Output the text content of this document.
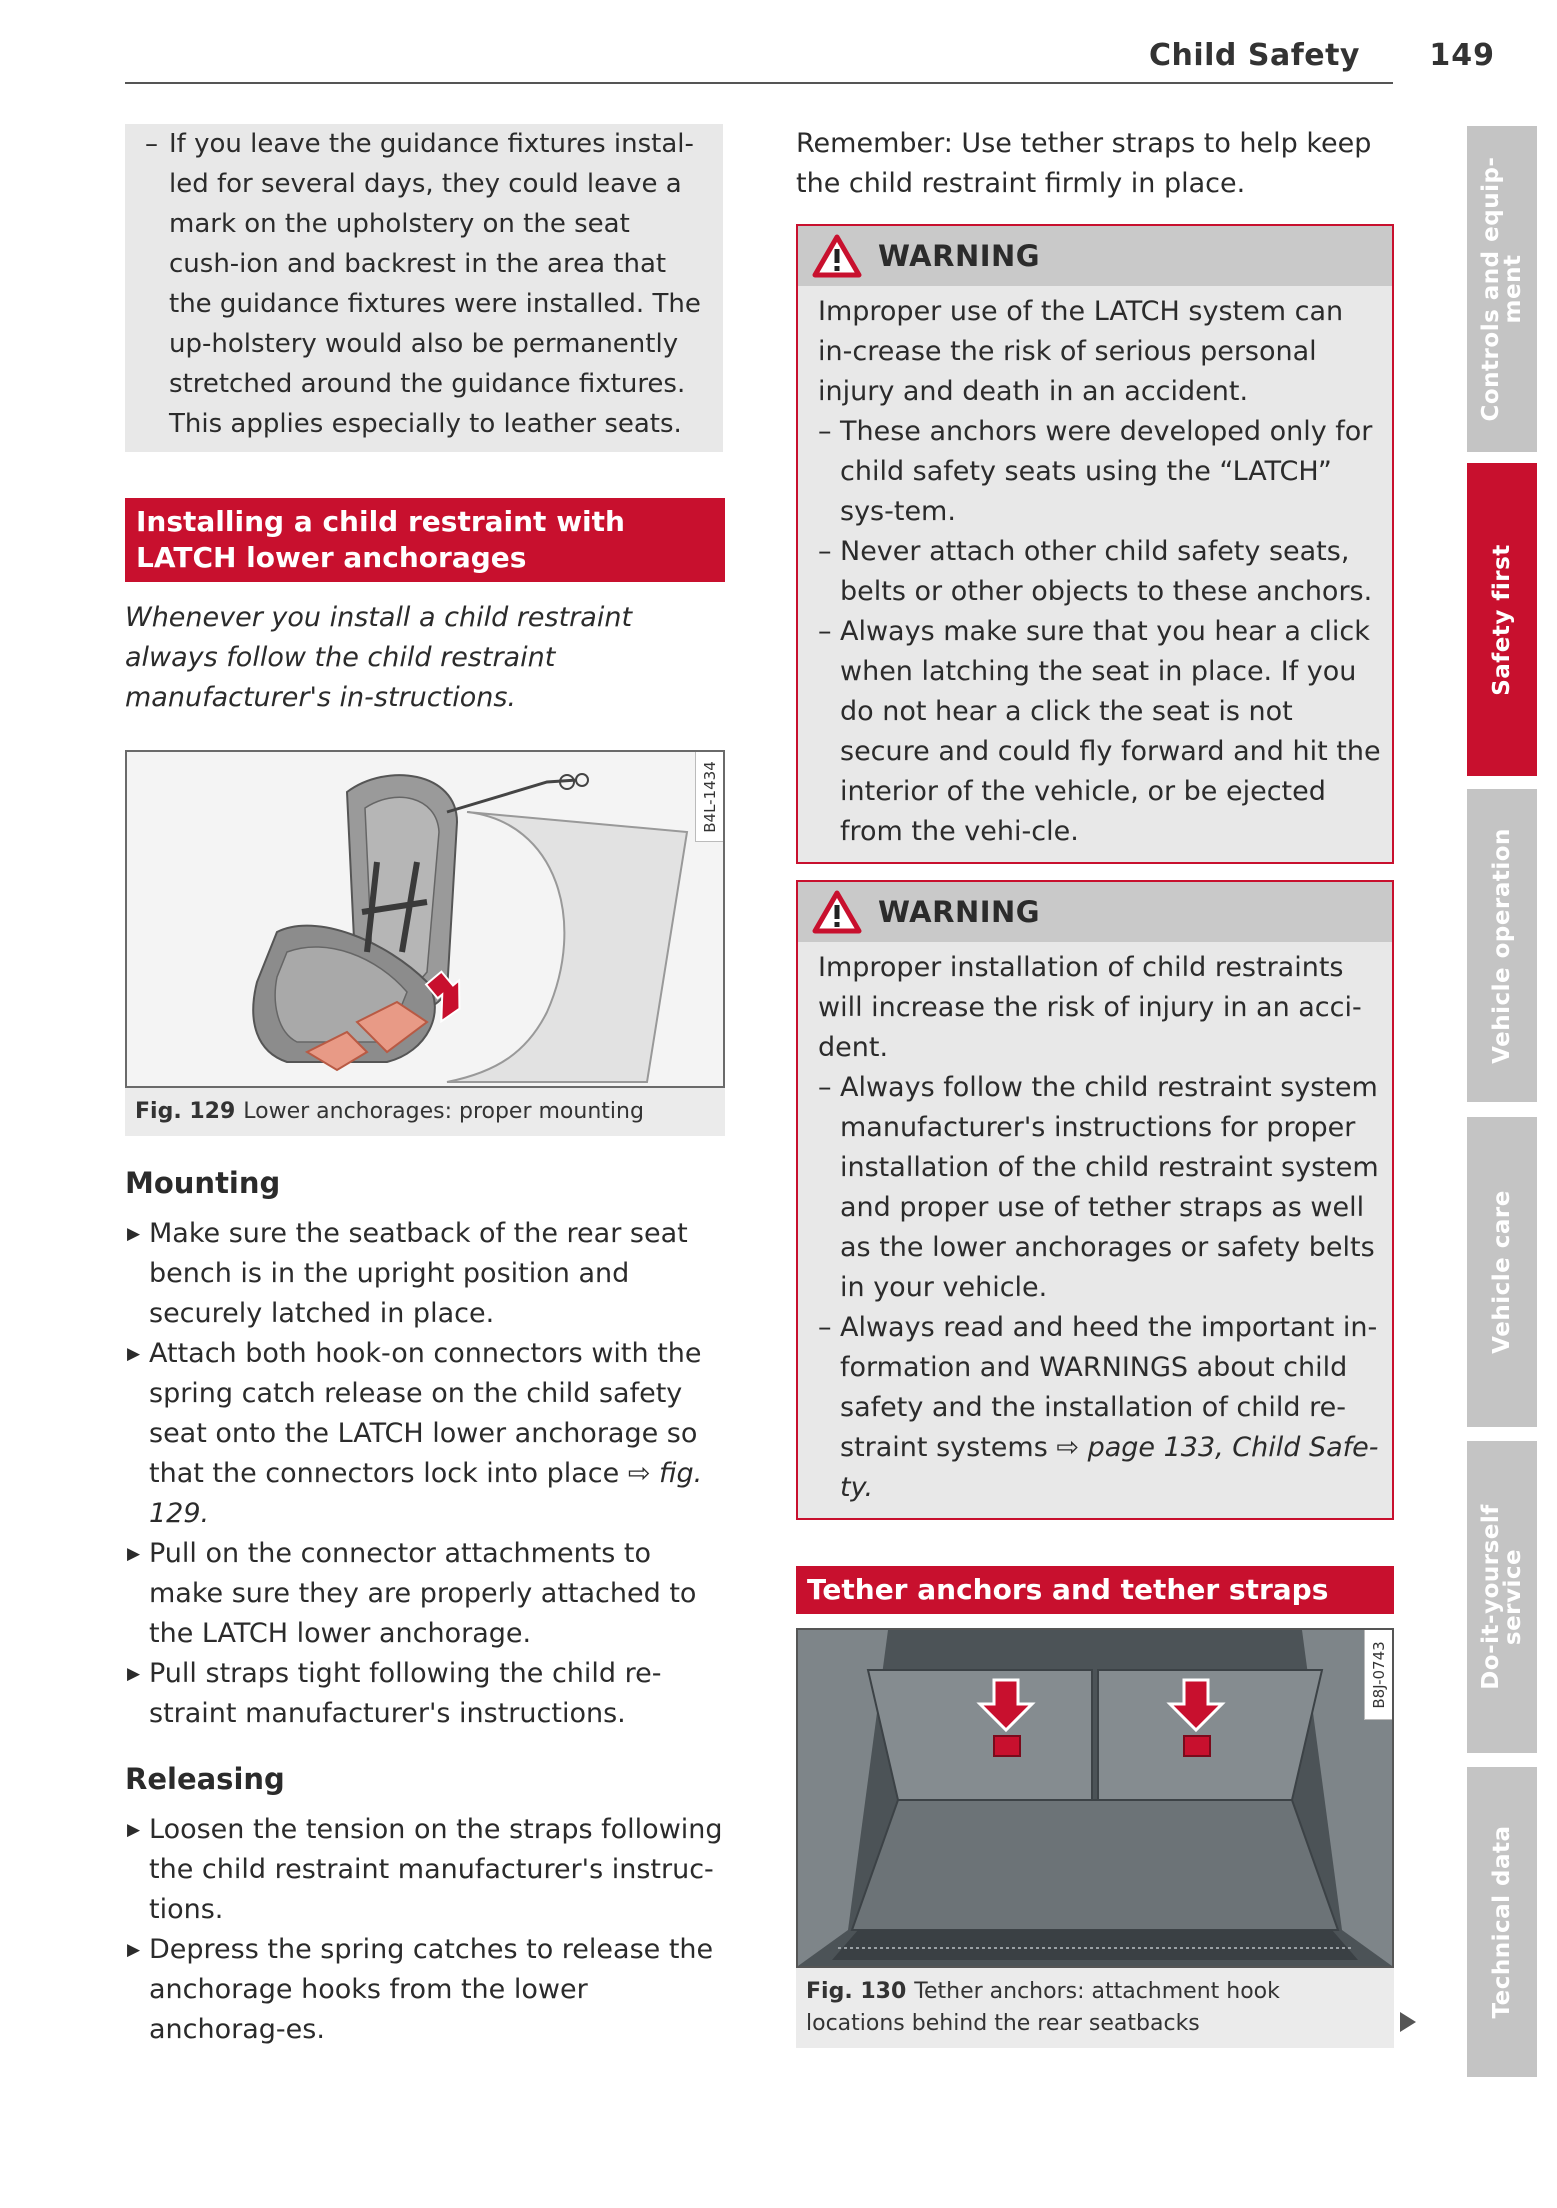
Child Safety 149
– If you leave the guidance fixtures instal-led for several days, they could leave a mark on the upholstery on the seat cush-ion and backrest in the area that the guidance fixtures were installed. The up-holstery would also be permanently stretched around the guidance fixtures. This applies especially to leather seats.
Installing a child restraint with LATCH lower anchorages
Whenever you install a child restraint always follow the child restraint manufacturer's in-structions.
B4L-1434
Fig. 129 Lower anchorages: proper mounting
Mounting
▶ Make sure the seatback of the rear seat bench is in the upright position and securely latched in place.
▶ Attach both hook-on connectors with the spring catch release on the child safety seat onto the LATCH lower anchorage so that the connectors lock into place ⇨ fig. 129.
▶ Pull on the connector attachments to make sure they are properly attached to the LATCH lower anchorage.
▶ Pull straps tight following the child re-straint manufacturer's instructions.
Releasing
▶ Loosen the tension on the straps following the child restraint manufacturer's instruc-tions.
▶ Depress the spring catches to release the anchorage hooks from the lower anchorag-es.

Remember: Use tether straps to help keep the child restraint firmly in place.

WARNING

Improper use of the LATCH system can in-crease the risk of serious personal injury and death in an accident.

– These anchors were developed only for child safety seats using the “LATCH” sys-tem.
– Never attach other child safety seats, belts or other objects to these anchors.
– Always make sure that you hear a click when latching the seat in place. If you do not hear a click the seat is not secure and could fly forward and hit the interior of the vehicle, or be ejected from the vehi-cle.
WARNING

Improper installation of child restraints will increase the risk of injury in an acci-dent.

– Always follow the child restraint system manufacturer's instructions for proper installation of the child restraint system and proper use of tether straps as well as the lower anchorages or safety belts in your vehicle.
– Always read and heed the important in-formation and WARNINGS about child safety and the installation of child re-straint systems ⇨ page 133, Child Safe-ty.
Tether anchors and tether straps
B8J-0743
Fig. 130 Tether anchors: attachment hook locations behind the rear seatbacks
Controls and equip-ment
Safety first
Vehicle operation
Vehicle care
Do-it-yourself service
Technical data
